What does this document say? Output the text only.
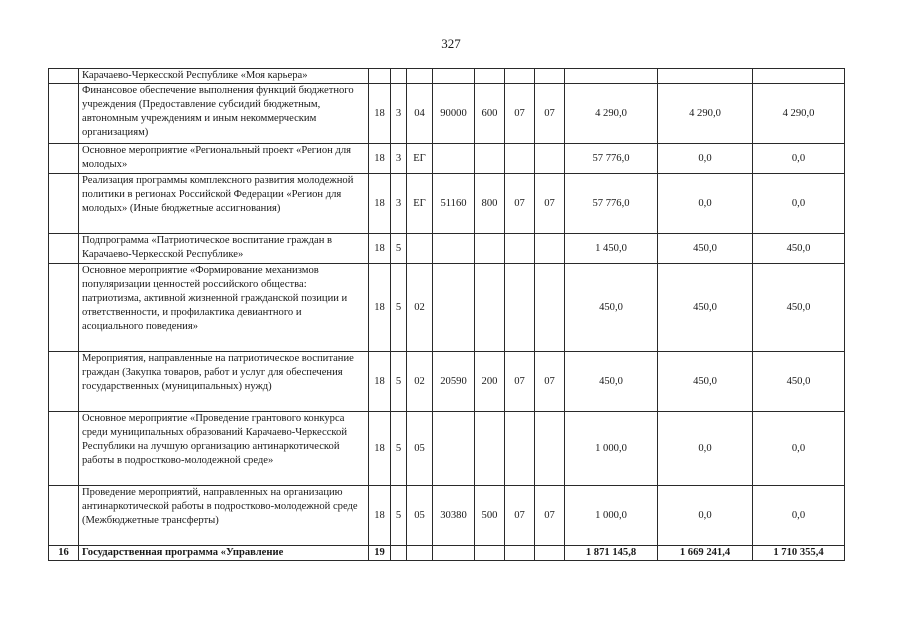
327
	Карачаево-Черкесской Республике «Моя карьера»										
	Финансовое обеспечение выполнения функций бюджетного учреждения (Предоставление субсидий бюджетным, автономным учреждениям и иным некоммерческим организациям)	18	3	04	90000	600	07	07	4 290,0	4 290,0	4 290,0
	Основное мероприятие «Региональный проект «Регион для молодых»	18	3	ЕГ					57 776,0	0,0	0,0
	Реализация программы комплексного развития молодежной политики в регионах Российской Федерации «Регион для молодых» (Иные бюджетные ассигнования)	18	3	ЕГ	51160	800	07	07	57 776,0	0,0	0,0
	Подпрограмма «Патриотическое воспитание граждан в Карачаево-Черкесской Республике»	18	5						1 450,0	450,0	450,0
	Основное мероприятие «Формирование механизмов популяризации ценностей российского общества: патриотизма, активной жизненной гражданской позиции и ответственности, и профилактика девиантного и асоциального поведения»	18	5	02					450,0	450,0	450,0
	Мероприятия, направленные на патриотическое воспитание граждан (Закупка товаров, работ и услуг для обеспечения государственных (муниципальных) нужд)	18	5	02	20590	200	07	07	450,0	450,0	450,0
	Основное мероприятие «Проведение грантового конкурса среди муниципальных образований Карачаево-Черкесской Республики на лучшую организацию антинаркотической работы в подростково-молодежной среде»	18	5	05					1 000,0	0,0	0,0
	Проведение мероприятий, направленных на организацию антинаркотической работы в подростково-молодежной среде (Межбюджетные трансферты)	18	5	05	30380	500	07	07	1 000,0	0,0	0,0
16	Государственная программа «Управление	19							1 871 145,8	1 669 241,4	1 710 355,4
